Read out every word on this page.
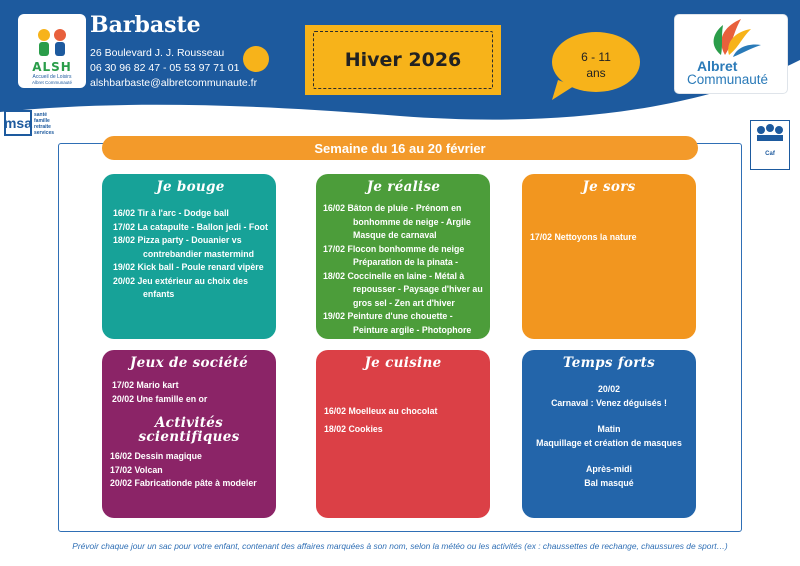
ALSH
Accueil de Loisirs
Albret Communauté
Barbaste
26 Boulevard J. J. Rousseau
06 30 96 82 47 - 05 53 97 71 01
alshbarbaste@albretcommunaute.fr
Hiver 2026	6 - 11
ans	Albret
Communauté
msa santé
famille
retraite
services
Caf
Semaine du 16 au 20 février
Je bouge
16/02 Tir à l'arc - Dodge ball
17/02 La catapulte - Ballon jedi - Foot
18/02 Pizza party - Douanier vs contrebandier mastermind
19/02 Kick ball - Poule renard vipère
20/02 Jeu extérieur au choix des enfants
Je réalise
16/02 Bâton de pluie - Prénom en bonhomme de neige - Argile Masque de carnaval
17/02 Flocon bonhomme de neige Préparation de la pinata -
18/02 Coccinelle en laine - Métal à repousser - Paysage d'hiver au gros sel - Zen art d'hiver
19/02 Peinture d'une chouette - Peinture argile - Photophore
Je sors
17/02 Nettoyons la nature
Jeux de société
17/02 Mario kart
20/02 Une famille en or
Activités
scientifiques
16/02 Dessin magique
17/02 Volcan
20/02 Fabricationde pâte à modeler
Je cuisine
16/02 Moelleux au chocolat
18/02 Cookies
Temps forts
20/02
Carnaval : Venez déguisés !
Matin
Maquillage et création de masques
Après-midi
Bal masqué
Prévoir chaque jour un sac pour votre enfant, contenant des affaires marquées à son nom, selon la météo ou les activités (ex : chaussettes de rechange, chaussures de sport…)
